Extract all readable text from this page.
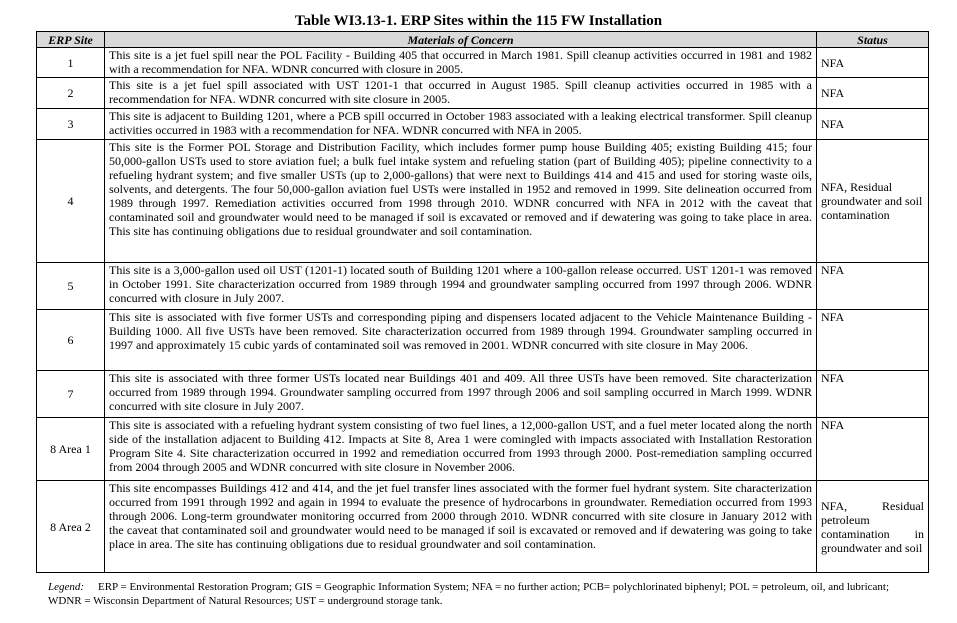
Table WI3.13-1. ERP Sites within the 115 FW Installation
ERP Site	Materials of Concern	Status
1	This site is a jet fuel spill near the POL Facility - Building 405 that occurred in March 1981. Spill cleanup activities occurred in 1981 and 1982 with a recommendation for NFA. WDNR concurred with closure in 2005.	NFA
2	This site is a jet fuel spill associated with UST 1201-1 that occurred in August 1985. Spill cleanup activities occurred in 1985 with a recommendation for NFA. WDNR concurred with site closure in 2005.	NFA
3	This site is adjacent to Building 1201, where a PCB spill occurred in October 1983 associated with a leaking electrical transformer. Spill cleanup activities occurred in 1983 with a recommendation for NFA. WDNR concurred with NFA in 2005.	NFA
4	This site is the Former POL Storage and Distribution Facility, which includes former pump house Building 405; existing Building 415; four 50,000-gallon USTs used to store aviation fuel; a bulk fuel intake system and refueling station (part of Building 405); pipeline connectivity to a refueling hydrant system; and five smaller USTs (up to 2,000-gallons) that were next to Buildings 414 and 415 and used for storing waste oils, solvents, and detergents. The four 50,000-gallon aviation fuel USTs were installed in 1952 and removed in 1999. Site delineation occurred from 1989 through 1997. Remediation activities occurred from 1998 through 2010. WDNR concurred with NFA in 2012 with the caveat that contaminated soil and groundwater would need to be managed if soil is excavated or removed and if dewatering was going to take place in area. This site has continuing obligations due to residual groundwater and soil contamination.	NFA, Residual groundwater and soil contamination
5	This site is a 3,000-gallon used oil UST (1201-1) located south of Building 1201 where a 100-gallon release occurred. UST 1201-1 was removed in October 1991. Site characterization occurred from 1989 through 1994 and groundwater sampling occurred from 1997 through 2006. WDNR concurred with closure in July 2007.	NFA
6	This site is associated with five former USTs and corresponding piping and dispensers located adjacent to the Vehicle Maintenance Building - Building 1000. All five USTs have been removed. Site characterization occurred from 1989 through 1994. Groundwater sampling occurred in 1997 and approximately 15 cubic yards of contaminated soil was removed in 2001. WDNR concurred with site closure in May 2006.	NFA
7	This site is associated with three former USTs located near Buildings 401 and 409. All three USTs have been removed. Site characterization occurred from 1989 through 1994. Groundwater sampling occurred from 1997 through 2006 and soil sampling occurred in March 1999. WDNR concurred with site closure in July 2007.	NFA
8 Area 1	This site is associated with a refueling hydrant system consisting of two fuel lines, a 12,000-gallon UST, and a fuel meter located along the north side of the installation adjacent to Building 412. Impacts at Site 8, Area 1 were comingled with impacts associated with Installation Restoration Program Site 4. Site characterization occurred in 1992 and remediation occurred from 1993 through 2000. Post-remediation sampling occurred from 2004 through 2005 and WDNR concurred with site closure in November 2006.	NFA
8 Area 2	This site encompasses Buildings 412 and 414, and the jet fuel transfer lines associated with the former fuel hydrant system. Site characterization occurred from 1991 through 1992 and again in 1994 to evaluate the presence of hydrocarbons in groundwater. Remediation occurred from 1993 through 2006. Long-term groundwater monitoring occurred from 2000 through 2010. WDNR concurred with site closure in January 2012 with the caveat that contaminated soil and groundwater would need to be managed if soil is excavated or removed and if dewatering was going to take place in area. The site has continuing obligations due to residual groundwater and soil contamination.	NFA, Residual petroleum contamination in groundwater and soil
Legend: ERP = Environmental Restoration Program; GIS = Geographic Information System; NFA = no further action; PCB= polychlorinated biphenyl; POL = petroleum, oil, and lubricant; WDNR = Wisconsin Department of Natural Resources; UST = underground storage tank.
